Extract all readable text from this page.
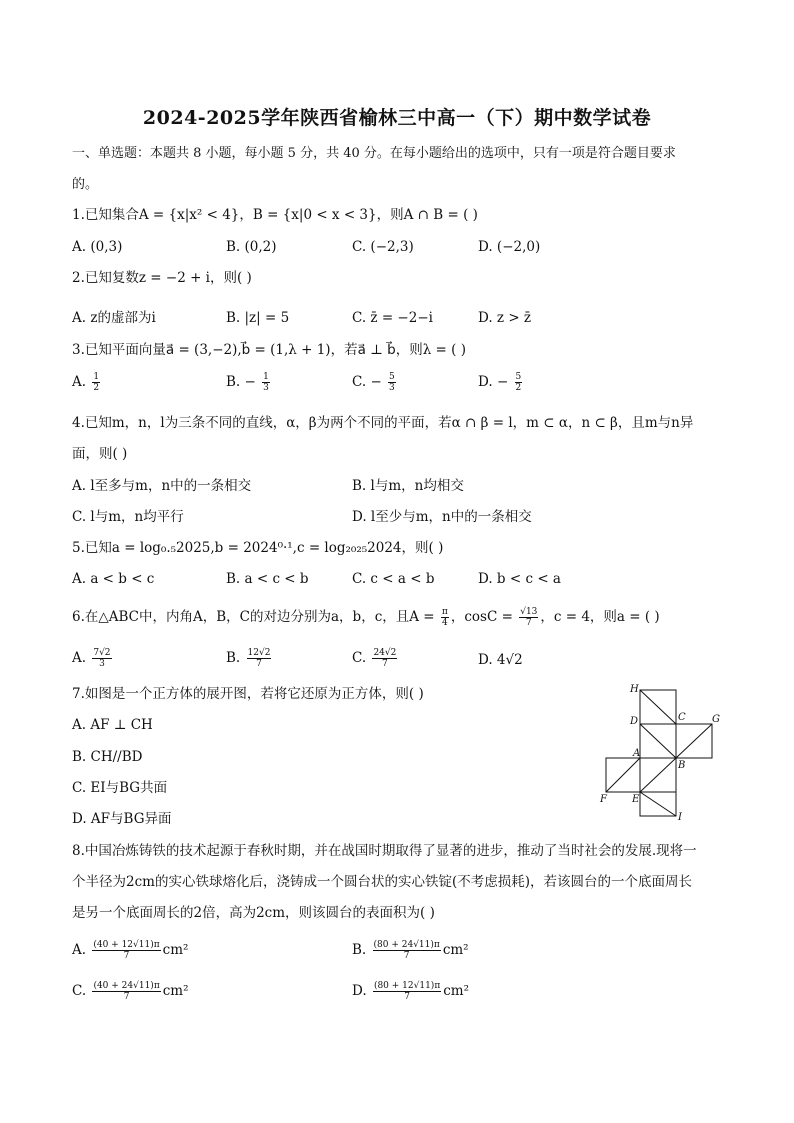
2024-2025学年陕西省榆林三中高一（下）期中数学试卷
一、单选题：本题共 8 小题，每小题 5 分，共 40 分。在每小题给出的选项中，只有一项是符合题目要求
的。
1.已知集合A = {x|x² < 4}，B = {x|0 < x < 3}，则A ∩ B = ( )
A. (0,3)	B. (0,2)	C. (−2,3)	D. (−2,0)
2.已知复数z = −2 + i，则( )
A. z的虚部为i	B. |z| = 5	C. z̄ = −2−i	D. z > z̄
3.已知平面向量a⃗ = (3,−2),b⃗ = (1,λ + 1)，若a⃗ ⊥ b⃗，则λ = ( )
A. $\frac{1}{2}$	B. − $\frac{1}{3}$	C. − $\frac{5}{3}$	D. − $\frac{5}{2}$
4.已知m，n，l为三条不同的直线，α，β为两个不同的平面，若α ∩ β = l，m ⊂ α，n ⊂ β，且m与n异
面，则( )
A. l至多与m，n中的一条相交	B. l与m，n均相交
C. l与m，n均平行	D. l至少与m，n中的一条相交
5.已知a = log₀.₅2025,b = 2024⁰·¹,c = log₂₀₂₅2024，则( )
A. a < b < c	B. a < c < b	C. c < a < b	D. b < c < a
6.在△ABC中，内角A，B，C的对边分别为a，b，c，且$A = \frac{\pi}{4}$ ，$\cos C = \frac{√13}{7}$ ，c = 4，则a = ( )
A. $\frac{7√2}{3}$	B. $\frac{12√2}{7}$	C. $\frac{24√2}{7}$	D. 4√2
7.如图是一个正方体的展开图，若将它还原为正方体，则( )
A. AF ⊥ CH
B. CH//BD
C. EI与BG共面
D. AF与BG异面
H
D	C	G
A
B
F	E
I
8.中国冶炼铸铁的技术起源于春秋时期，并在战国时期取得了显著的进步，推动了当时社会的发展.现将一
个半径为2cm的实心铁球熔化后，浇铸成一个圆台状的实心铁锭(不考虑损耗)，若该圆台的一个底面周长
是另一个底面周长的2倍，高为2cm，则该圆台的表面积为( )
A. $\frac{(40 + 12√11)\pi}{7} cm^2$	B. $\frac{(80 + 24√11)\pi}{7} cm^2$
C. $\frac{(40 + 24√11)\pi}{7} cm^2$	D. $\frac{(80 + 12√11)\pi}{7} cm^2$
